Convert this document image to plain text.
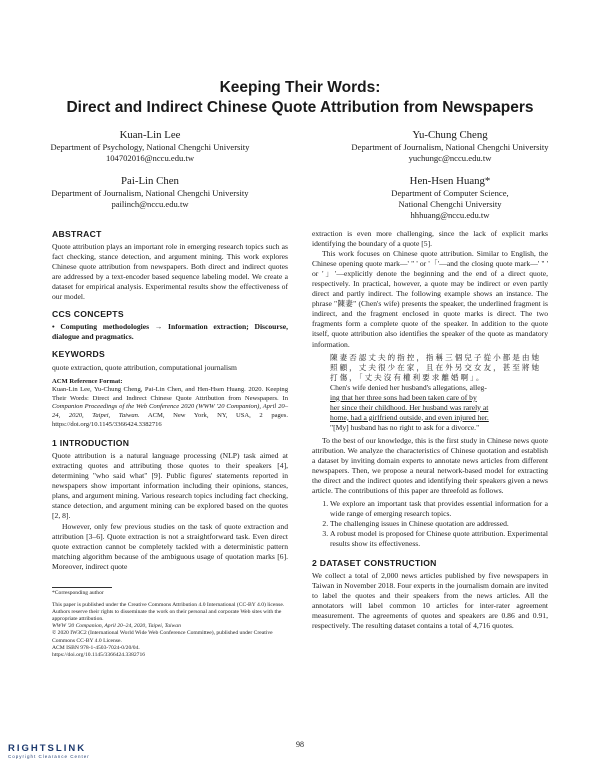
Keeping Their Words:
Direct and Indirect Chinese Quote Attribution from Newspapers
Kuan-Lin Lee
Department of Psychology, National Chengchi University
104702016@nccu.edu.tw
Yu-Chung Cheng
Department of Journalism, National Chengchi University
yuchungc@nccu.edu.tw
Pai-Lin Chen
Department of Journalism, National Chengchi University
pailinch@nccu.edu.tw
Hen-Hsen Huang*
Department of Computer Science,
National Chengchi University
hhhuang@nccu.edu.tw
ABSTRACT

Quote attribution plays an important role in emerging research topics such as fact checking, stance detection, and argument mining. This work explores Chinese quote attribution from newspapers. Both direct and indirect quotes are addressed by a text-encoder based sequence labeling model. We create a dataset for empirical analysis. Experimental results show the effectiveness of our model.

CCS CONCEPTS

• Computing methodologies → Information extraction; Discourse, dialogue and pragmatics.

KEYWORDS

quote extraction, quote attribution, computational journalism

ACM Reference Format:

Kuan-Lin Lee, Yu-Chung Cheng, Pai-Lin Chen, and Hen-Hsen Huang. 2020. Keeping Their Words: Direct and Indirect Chinese Quote Attribution from Newspapers. In Companion Proceedings of the Web Conference 2020 (WWW '20 Companion), April 20–24, 2020, Taipei, Taiwan. ACM, New York, NY, USA, 2 pages. https://doi.org/10.1145/3366424.3382716

1 INTRODUCTION

Quote attribution is a natural language processing (NLP) task aimed at extracting quotes and attributing those quotes to their speakers [4], determining "who said what" [9]. Public figures' statements reported in newspapers show important information including their opinions, stances, plans, and argument mining. Various research topics including fact checking, stance detection, and argument mining can be explored based on the quotes [2, 8].

However, only few previous studies on the task of quote extraction and attribution [3–6]. Quote extraction is not a straightforward task. Even direct quote extraction cannot be completely tackled with a deterministic pattern matching algorithm because of the ambiguous usage of quotation marks [6]. Moreover, indirect quote

*Corresponding author
This paper is published under the Creative Commons Attribution 4.0 International (CC-BY 4.0) license. Authors reserve their rights to disseminate the work on their personal and corporate Web sites with the appropriate attribution.
WWW '20 Companion, April 20–24, 2020, Taipei, Taiwan
© 2020 IW3C2 (International World Wide Web Conference Committee), published under Creative Commons CC-BY 4.0 License.
ACM ISBN 978-1-4503-7024-0/20/04.
https://doi.org/10.1145/3366424.3382716

extraction is even more challenging, since the lack of explicit marks identifying the boundary of a quote [5].

This work focuses on Chinese quote attribution. Similar to English, the Chinese opening quote mark—' " ' or '「'—and the closing quote mark—' " ' or '」'—explicitly denote the beginning and the end of a direct quote, respectively. In practical, however, a quote may be indirect or even partly direct and partly indirect. The following example shows an instance. The phrase "陳妻" (Chen's wife) presents the speaker, the underlined fragment is indirect, and the fragment enclosed in quote marks is direct. The two fragments form a complete quote of the speaker. In addition to the quote itself, quote attribution also identifies the speaker of the quote as mandatory information.

陳妻否認丈夫的指控，指稱三個兒子從小都是由她
照顧，丈夫很少在家，且在外另交女友，甚至將她
打傷，「丈夫沒有權利要求離婚啊」。
Chen's wife denied her husband's allegations, alleg-
ing that her three sons had been taken care of by
her since their childhood. Her husband was rarely at
home, had a girlfriend outside, and even injured her.
"[My] husband has no right to ask for a divorce."

To the best of our knowledge, this is the first study in Chinese news quote attribution. We analyze the characteristics of Chinese quotation and establish a dataset by inviting domain experts to annotate news articles from different newspapers. Then, we propose a neural network-based model for extracting the direct and the indirect quotes and identifying their speakers given a news article. The contributions of this paper are threefold as follows.

1. We explore an important task that provides essential information for a wide range of emerging research topics.
2. The challenging issues in Chinese quotation are addressed.
3. A robust model is proposed for Chinese quote attribution. Experimental results show its effectiveness.
2 DATASET CONSTRUCTION

We collect a total of 2,000 news articles published by five newspapers in Taiwan in November 2018. Four experts in the journalism domain are invited to label the quotes and their speakers from the news articles. All the annotators will label common 10 articles for inter-rater agreement measurement. The agreements of quotes and speakers are 0.86 and 0.91, respectively. The resulting dataset contains a total of 4,716 quotes.

98
RIGHTSLINK
Copyright Clearance Center
